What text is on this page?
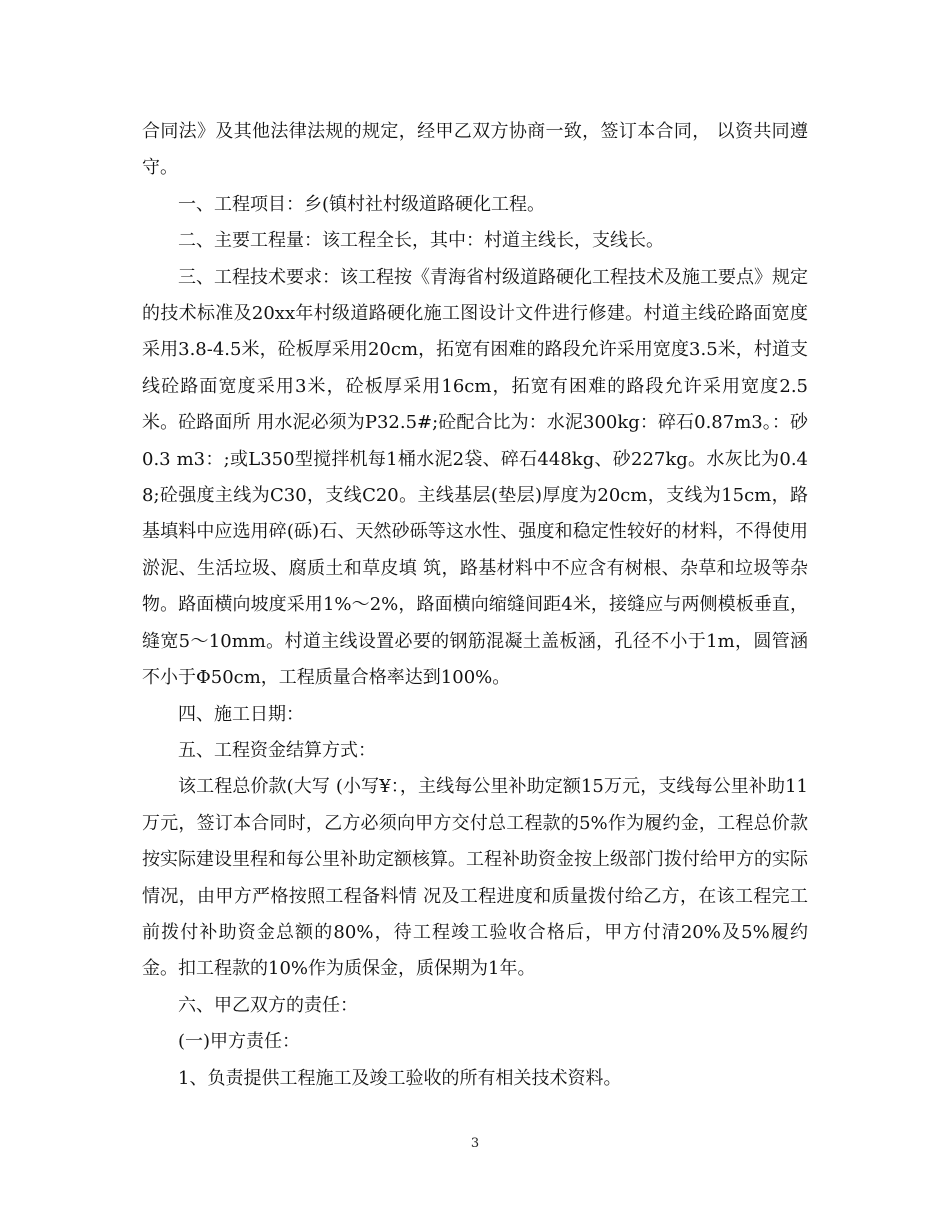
合同法》及其他法律法规的规定，经甲乙双方协商一致，签订本合同， 以资共同遵守。

一、工程项目：乡(镇村社村级道路硬化工程。

二、主要工程量：该工程全长，其中：村道主线长，支线长。

三、工程技术要求：该工程按《青海省村级道路硬化工程技术及施工要点》规定的技术标准及20xx年村级道路硬化施工图设计文件进行修建。村道主线砼路面宽度采用3.8-4.5米，砼板厚采用20cm，拓宽有困难的路段允许采用宽度3.5米，村道支线砼路面宽度采用3米，砼板厚采用16cm，拓宽有困难的路段允许采用宽度2.5米。砼路面所 用水泥必须为P32.5#;砼配合比为：水泥300kg：碎石0.87m3。：砂0.3 m3：;或L350型搅拌机每1桶水泥2袋、碎石448kg、砂227kg。水灰比为0.48;砼强度主线为C30，支线C20。主线基层(垫层)厚度为20cm，支线为15cm，路基填料中应选用碎(砾)石、天然砂砾等这水性、强度和稳定性较好的材料，不得使用淤泥、生活垃圾、腐质土和草皮填 筑，路基材料中不应含有树根、杂草和垃圾等杂物。路面横向坡度采用1%～2%，路面横向缩缝间距4米，接缝应与两侧模板垂直，缝宽5～10mm。村道主线设置必要的钢筋混凝土盖板涵，孔径不小于1m，圆管涵不小于Φ50cm，工程质量合格率达到100%。

四、施工日期：

五、工程资金结算方式：

该工程总价款(大写 (小写¥：，主线每公里补助定额15万元，支线每公里补助11万元，签订本合同时，乙方必须向甲方交付总工程款的5%作为履约金，工程总价款按实际建设里程和每公里补助定额核算。工程补助资金按上级部门拨付给甲方的实际情况，由甲方严格按照工程备料情 况及工程进度和质量拨付给乙方，在该工程完工前拨付补助资金总额的80%，待工程竣工验收合格后，甲方付清20%及5%履约金。扣工程款的10%作为质保金，质保期为1年。

六、甲乙双方的责任：

(一)甲方责任：

1、负责提供工程施工及竣工验收的所有相关技术资料。

3
